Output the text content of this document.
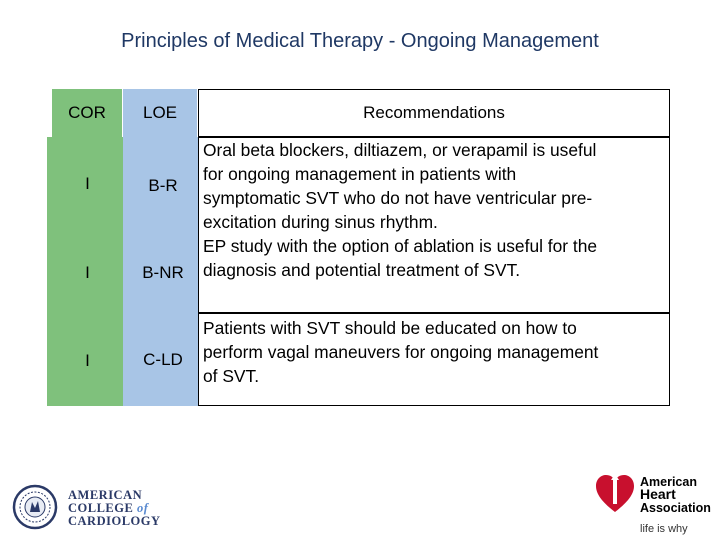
Principles of Medical Therapy - Ongoing Management
COR
I
I
I
LOE
B-R
B-NR
C-LD
Recommendations
Oral beta blockers, diltiazem, or verapamil is useful
for ongoing management in patients with
symptomatic SVT who do not have ventricular pre-
excitation during sinus rhythm.
EP study with the option of ablation is useful for the
diagnosis and potential treatment of SVT.
Patients with SVT should be educated on how to
perform vagal maneuvers for ongoing management
of SVT.
AMERICAN
COLLEGE of
CARDIOLOGY
American
Heart
Association
life is why
